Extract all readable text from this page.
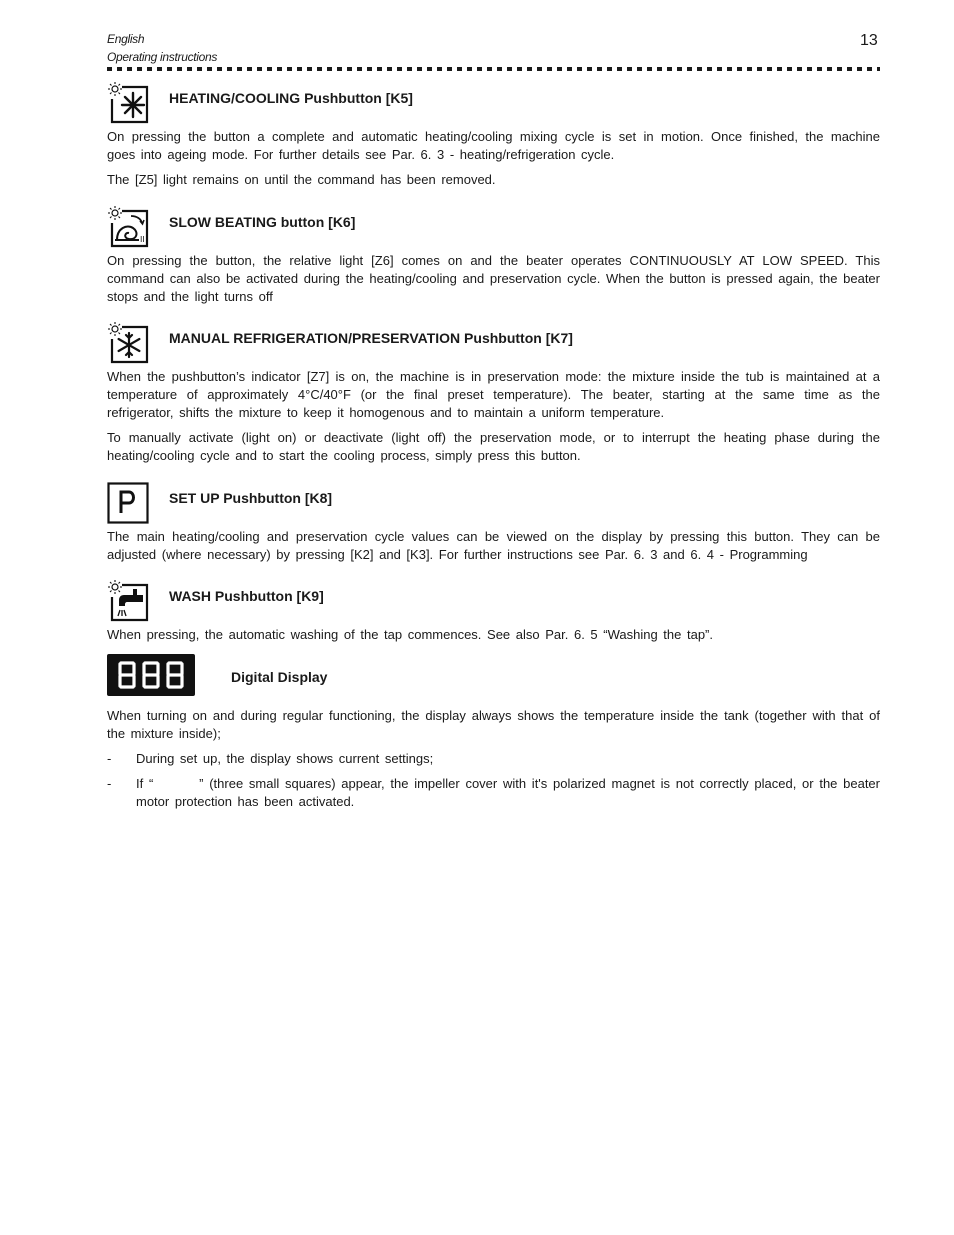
English
Operating instructions
13
HEATING/COOLING Pushbutton [K5]

On pressing the button a complete and automatic heating/cooling mixing cycle is set in motion. Once finished, the machine goes into ageing mode. For further details see Par. 6. 3 - heating/refrigeration cycle.

The [Z5] light remains on until the command has been removed.

II
SLOW BEATING button [K6]

On pressing the button, the relative light [Z6] comes on and the beater operates CONTINUOUSLY AT LOW SPEED. This command can also be activated during the heating/cooling and preservation cycle. When the button is pressed again, the beater stops and the light turns off

MANUAL REFRIGERATION/PRESERVATION Pushbutton [K7]

When the pushbutton’s indicator [Z7] is on, the machine is in preservation mode: the mixture inside the tub is maintained at a temperature of approximately 4°C/40°F (or the final preset temperature). The beater, starting at the same time as the refrigerator, shifts the mixture to keep it homogenous and to maintain a uniform temperature.

To manually activate (light on) or deactivate (light off) the preservation mode, or to interrupt the heating phase during the heating/cooling cycle and to start the cooling process, simply press this button.

SET UP Pushbutton [K8]

The main heating/cooling and preservation cycle values can be viewed on the display by pressing this button. They can be adjusted (where necessary) by pressing [K2] and [K3]. For further instructions see Par. 6. 3 and 6. 4 - Programming

WASH Pushbutton [K9]

When pressing, the automatic washing of the tap commences. See also Par. 6. 5 “Washing the tap”.

Digital Display

When turning on and during regular functioning, the display always shows the temperature inside the tank (together with that of the mixture inside);

- During set up, the display shows current settings;
- If “        ” (three small squares) appear, the impeller cover with it's polarized magnet is not correctly placed, or the beater motor protection has been activated.
